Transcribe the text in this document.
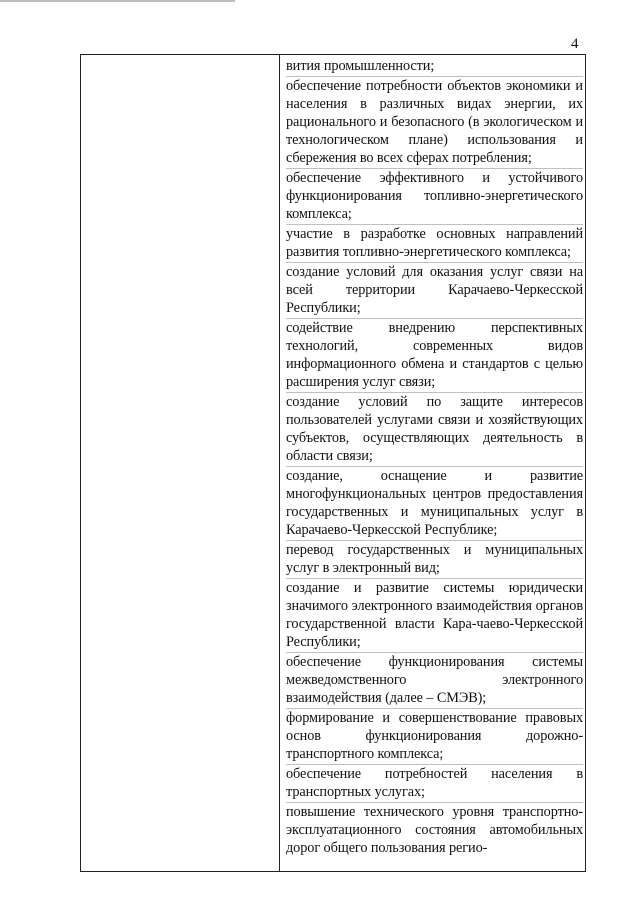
4

вития промышленности;

обеспечение потребности объектов экономики и населения в различных видах энергии, их рационального и безопасного (в экологическом и технологическом плане) использования и сбережения во всех сферах потребления;

обеспечение эффективного и устойчивого функционирования топливно-энергетического комплекса;

участие в разработке основных направлений развития топливно-энергетического комплекса;

создание условий для оказания услуг связи на всей территории Карачаево-Черкесской Республики;

содействие внедрению перспективных технологий, современных видов информационного обмена и стандартов с целью расширения услуг связи;

создание условий по защите интересов пользователей услугами связи и хозяйствующих субъектов, осуществляющих деятельность в области связи;

создание, оснащение и развитие многофункциональных центров предоставления государственных и муниципальных услуг в Карачаево-Черкесской Республике;

перевод государственных и муниципальных услуг в электронный вид;

создание и развитие системы юридически значимого электронного взаимодействия органов государственной власти Кара-чаево-Черкесской Республики;

обеспечение функционирования системы межведомственного электронного взаимодействия (далее – СМЭВ);

формирование и совершенствование правовых основ функционирования дорожно-транспортного комплекса;

обеспечение потребностей населения в транспортных услугах;

повышение технического уровня транспортно-эксплуатационного состояния автомобильных дорог общего пользования регио-
